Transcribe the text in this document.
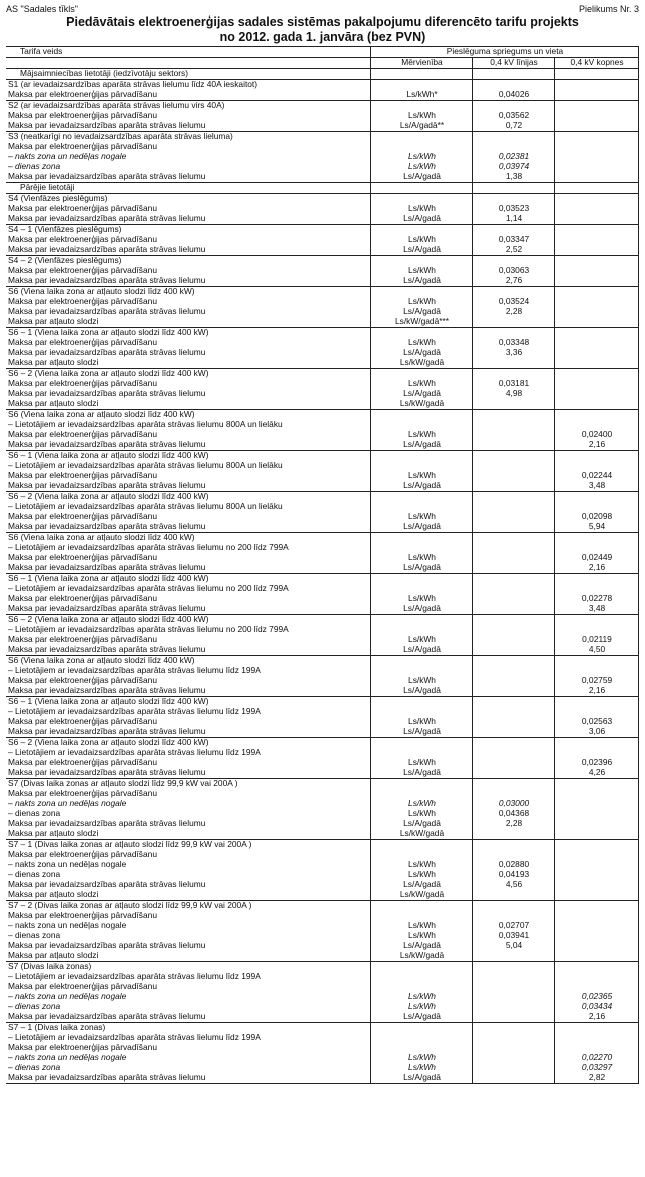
AS "Sadales tīkls"	Pielikums Nr. 3
Piedāvātais elektroenerģijas sadales sistēmas pakalpojumu diferencēto tarifu projekts
no 2012. gada 1. janvāra (bez PVN)
Tarifa veids	Pieslēguma spriegums un vieta		
	Mērvienība	0,4 kV līnijas	0,4 kV kopnes
Mājsaimniecības lietotāji (iedzīvotāju sektors)			
S1 (ar ievadaizsardzības aparāta strāvas lielumu līdz 40A ieskaitot)			
Maksa par elektroenerģijas pārvadīšanu	Ls/kWh*	0,04026	
S2 (ar ievadaizsardzības aparāta strāvas lielumu virs 40A)			
Maksa par elektroenerģijas pārvadīšanu	Ls/kWh	0,03562	
Maksa par ievadaizsardzības aparāta strāvas lielumu	Ls/A/gadā**	0,72	
S3 (neatkarīgi no ievadaizsardzības aparāta strāvas lieluma)			
Maksa par elektroenerģijas pārvadīšanu			
– nakts zona un nedēļas nogale	Ls/kWh	0,02381	
– dienas zona	Ls/kWh	0,03974	
Maksa par ievadaizsardzības aparāta strāvas lielumu	Ls/A/gadā	1,38	
Pārējie lietotāji			
S4 (Vienfāzes pieslēgums)			
Maksa par elektroenerģijas pārvadīšanu	Ls/kWh	0,03523	
Maksa par ievadaizsardzības aparāta strāvas lielumu	Ls/A/gadā	1,14	
S4 – 1 (Vienfāzes pieslēgums)			
Maksa par elektroenerģijas pārvadīšanu	Ls/kWh	0,03347	
Maksa par ievadaizsardzības aparāta strāvas lielumu	Ls/A/gadā	2,52	
S4 – 2 (Vienfāzes pieslēgums)			
Maksa par elektroenerģijas pārvadīšanu	Ls/kWh	0,03063	
Maksa par ievadaizsardzības aparāta strāvas lielumu	Ls/A/gadā	2,76	
S6 (Viena laika zona ar atļauto slodzi līdz 400 kW)			
Maksa par elektroenerģijas pārvadīšanu	Ls/kWh	0,03524	
Maksa par ievadaizsardzības aparāta strāvas lielumu	Ls/A/gadā	2,28	
Maksa par atļauto slodzi	Ls/kW/gadā***		
S6 – 1 (Viena laika zona ar atļauto slodzi līdz 400 kW)			
Maksa par elektroenerģijas pārvadīšanu	Ls/kWh	0,03348	
Maksa par ievadaizsardzības aparāta strāvas lielumu	Ls/A/gadā	3,36	
Maksa par atļauto slodzi	Ls/kW/gadā		
S6 – 2 (Viena laika zona ar atļauto slodzi līdz 400 kW)			
Maksa par elektroenerģijas pārvadīšanu	Ls/kWh	0,03181	
Maksa par ievadaizsardzības aparāta strāvas lielumu	Ls/A/gadā	4,98	
Maksa par atļauto slodzi	Ls/kW/gadā		
S6 (Viena laika zona ar atļauto slodzi līdz 400 kW)			
– Lietotājiem ar ievadaizsardzības aparāta strāvas lielumu 800A un lielāku			
Maksa par elektroenerģijas pārvadīšanu	Ls/kWh		0,02400
Maksa par ievadaizsardzības aparāta strāvas lielumu	Ls/A/gadā		2,16
S6 – 1 (Viena laika zona ar atļauto slodzi līdz 400 kW)			
– Lietotājiem ar ievadaizsardzības aparāta strāvas lielumu 800A un lielāku			
Maksa par elektroenerģijas pārvadīšanu	Ls/kWh		0,02244
Maksa par ievadaizsardzības aparāta strāvas lielumu	Ls/A/gadā		3,48
S6 – 2 (Viena laika zona ar atļauto slodzi līdz 400 kW)			
– Lietotājiem ar ievadaizsardzības aparāta strāvas lielumu 800A un lielāku			
Maksa par elektroenerģijas pārvadīšanu	Ls/kWh		0,02098
Maksa par ievadaizsardzības aparāta strāvas lielumu	Ls/A/gadā		5,94
S6 (Viena laika zona ar atļauto slodzi līdz 400 kW)			
– Lietotājiem ar ievadaizsardzības aparāta strāvas lielumu no 200 līdz 799A			
Maksa par elektroenerģijas pārvadīšanu	Ls/kWh		0,02449
Maksa par ievadaizsardzības aparāta strāvas lielumu	Ls/A/gadā		2,16
S6 – 1 (Viena laika zona ar atļauto slodzi līdz 400 kW)			
– Lietotājiem ar ievadaizsardzības aparāta strāvas lielumu no 200 līdz 799A			
Maksa par elektroenerģijas pārvadīšanu	Ls/kWh		0,02278
Maksa par ievadaizsardzības aparāta strāvas lielumu	Ls/A/gadā		3,48
S6 – 2 (Viena laika zona ar atļauto slodzi līdz 400 kW)			
– Lietotājiem ar ievadaizsardzības aparāta strāvas lielumu no 200 līdz 799A			
Maksa par elektroenerģijas pārvadīšanu	Ls/kWh		0,02119
Maksa par ievadaizsardzības aparāta strāvas lielumu	Ls/A/gadā		4,50
S6 (Viena laika zona ar atļauto slodzi līdz 400 kW)			
– Lietotājiem ar ievadaizsardzības aparāta strāvas lielumu līdz 199A			
Maksa par elektroenerģijas pārvadīšanu	Ls/kWh		0,02759
Maksa par ievadaizsardzības aparāta strāvas lielumu	Ls/A/gadā		2,16
S6 – 1 (Viena laika zona ar atļauto slodzi līdz 400 kW)			
– Lietotājiem ar ievadaizsardzības aparāta strāvas lielumu līdz 199A			
Maksa par elektroenerģijas pārvadīšanu	Ls/kWh		0,02563
Maksa par ievadaizsardzības aparāta strāvas lielumu	Ls/A/gadā		3,06
S6 – 2 (Viena laika zona ar atļauto slodzi līdz 400 kW)			
– Lietotājiem ar ievadaizsardzības aparāta strāvas lielumu līdz 199A			
Maksa par elektroenerģijas pārvadīšanu	Ls/kWh		0,02396
Maksa par ievadaizsardzības aparāta strāvas lielumu	Ls/A/gadā		4,26
S7 (Divas laika zonas ar atļauto slodzi līdz 99,9 kW vai 200A )			
Maksa par elektroenerģijas pārvadīšanu			
– nakts zona un nedēļas nogale	Ls/kWh	0,03000	
– dienas zona	Ls/kWh	0,04368	
Maksa par ievadaizsardzības aparāta strāvas lielumu	Ls/A/gadā	2,28	
Maksa par atļauto slodzi	Ls/kW/gadā		
S7 – 1 (Divas laika zonas ar atļauto slodzi līdz 99,9 kW vai 200A )			
Maksa par elektroenerģijas pārvadīšanu			
– nakts zona un nedēļas nogale	Ls/kWh	0,02880	
– dienas zona	Ls/kWh	0,04193	
Maksa par ievadaizsardzības aparāta strāvas lielumu	Ls/A/gadā	4,56	
Maksa par atļauto slodzi	Ls/kW/gadā		
S7 – 2 (Divas laika zonas ar atļauto slodzi līdz 99,9 kW vai 200A )			
Maksa par elektroenerģijas pārvadīšanu			
– nakts zona un nedēļas nogale	Ls/kWh	0,02707	
– dienas zona	Ls/kWh	0,03941	
Maksa par ievadaizsardzības aparāta strāvas lielumu	Ls/A/gadā	5,04	
Maksa par atļauto slodzi	Ls/kW/gadā		
S7 (Divas laika zonas)			
– Lietotājiem ar ievadaizsardzības aparāta strāvas lielumu līdz 199A			
Maksa par elektroenerģijas pārvadīšanu			
– nakts zona un nedēļas nogale	Ls/kWh		0,02365
– dienas zona	Ls/kWh		0,03434
Maksa par ievadaizsardzības aparāta strāvas lielumu	Ls/A/gadā		2,16
S7 – 1 (Divas laika zonas)			
– Lietotājiem ar ievadaizsardzības aparāta strāvas lielumu līdz 199A			
Maksa par elektroenerģijas pārvadīšanu			
– nakts zona un nedēļas nogale	Ls/kWh		0,02270
– dienas zona	Ls/kWh		0,03297
Maksa par ievadaizsardzības aparāta strāvas lielumu	Ls/A/gadā		2,82
